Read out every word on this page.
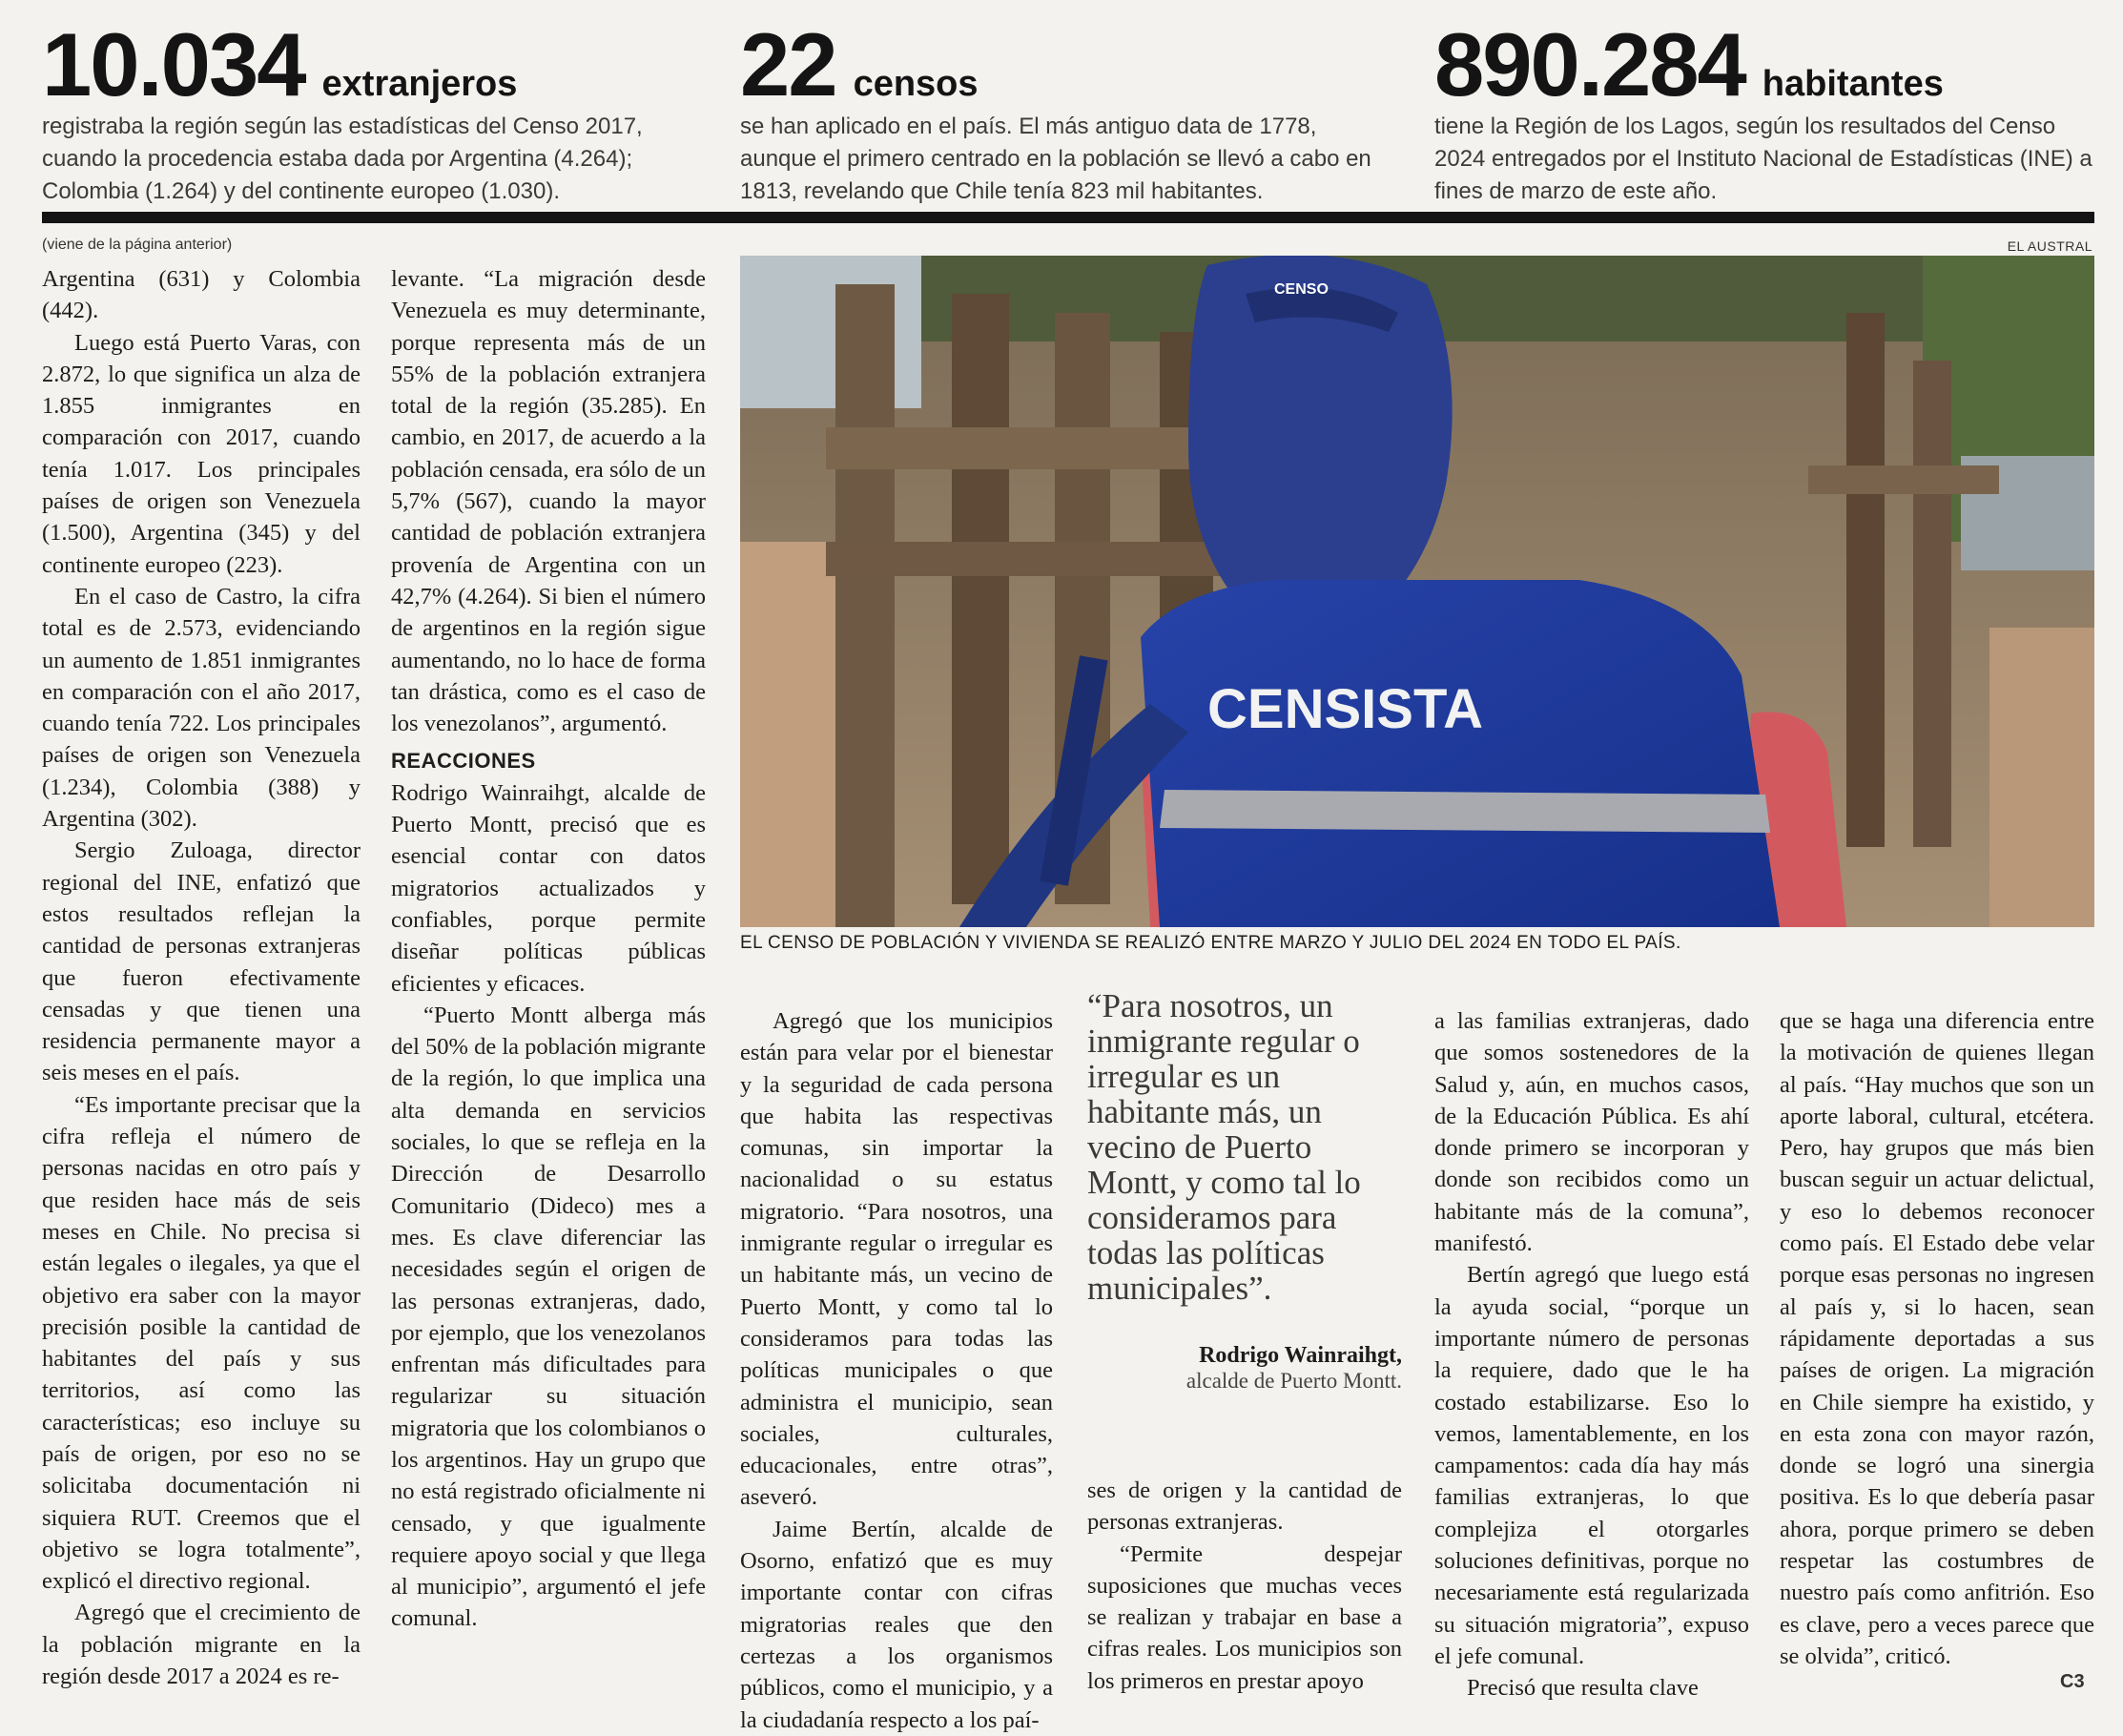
10.034 extranjeros
registraba la región según las estadísticas del Censo 2017, cuando la procedencia estaba dada por Argentina (4.264); Colombia (1.264) y del continente europeo (1.030).
22 censos
se han aplicado en el país. El más antiguo data de 1778, aunque el primero centrado en la población se llevó a cabo en 1813, revelando que Chile tenía 823 mil habitantes.
890.284 habitantes
tiene la Región de los Lagos, según los resultados del Censo 2024 entregados por el Instituto Nacional de Estadísticas (INE) a fines de marzo de este año.
(viene de la página anterior)	EL AUSTRAL

Argentina (631) y Colombia (442).

Luego está Puerto Varas, con 2.872, lo que significa un alza de 1.855 inmigrantes en comparación con 2017, cuando tenía 1.017. Los principales países de origen son Venezuela (1.500), Argentina (345) y del continente europeo (223).

En el caso de Castro, la cifra total es de 2.573, evidenciando un aumento de 1.851 inmigrantes en comparación con el año 2017, cuando tenía 722. Los principales países de origen son Venezuela (1.234), Colombia (388) y Argentina (302).

Sergio Zuloaga, director regional del INE, enfatizó que estos resultados reflejan la cantidad de personas extranjeras que fueron efectivamente censadas y que tienen una residencia permanente mayor a seis meses en el país.

“Es importante precisar que la cifra refleja el número de personas nacidas en otro país y que residen hace más de seis meses en Chile. No precisa si están legales o ilegales, ya que el objetivo era saber con la mayor precisión posible la cantidad de habitantes del país y sus territorios, así como las características; eso incluye su país de origen, por eso no se solicitaba documentación ni siquiera RUT. Creemos que el objetivo se logra totalmente”, explicó el directivo regional.

Agregó que el crecimiento de la población migrante en la región desde 2017 a 2024 es re-

levante. “La migración desde Venezuela es muy determinante, porque representa más de un 55% de la población extranjera total de la región (35.285). En cambio, en 2017, de acuerdo a la población censada, era sólo de un 5,7% (567), cuando la mayor cantidad de población extranjera provenía de Argentina con un 42,7% (4.264). Si bien el número de argentinos en la región sigue aumentando, no lo hace de forma tan drástica, como es el caso de los venezolanos”, argumentó.

REACCIONES

Rodrigo Wainraihgt, alcalde de Puerto Montt, precisó que es esencial contar con datos migratorios actualizados y confiables, porque permite diseñar políticas públicas eficientes y eficaces.

“Puerto Montt alberga más del 50% de la población migrante de la región, lo que implica una alta demanda en servicios sociales, lo que se refleja en la Dirección de Desarrollo Comunitario (Dideco) mes a mes. Es clave diferenciar las necesidades según el origen de las personas extranjeras, dado, por ejemplo, que los venezolanos enfrentan más dificultades para regularizar su situación migratoria que los colombianos o los argentinos. Hay un grupo que no está registrado oficialmente ni censado, y que igualmente requiere apoyo social y que llega al municipio”, argumentó el jefe comunal.

CENSO
CENSISTA
EL CENSO DE POBLACIÓN Y VIVIENDA SE REALIZÓ ENTRE MARZO Y JULIO DEL 2024 EN TODO EL PAÍS.

Agregó que los municipios están para velar por el bienestar y la seguridad de cada persona que habita las respectivas comunas, sin importar la nacionalidad o su estatus migratorio. “Para nosotros, una inmigrante regular o irregular es un habitante más, un vecino de Puerto Montt, y como tal lo consideramos para todas las políticas municipales o que administra el municipio, sean sociales, culturales, educacionales, entre otras”, aseveró.

Jaime Bertín, alcalde de Osorno, enfatizó que es muy importante contar con cifras migratorias reales que den certezas a los organismos públicos, como el municipio, y a la ciudadanía respecto a los paí-

“Para nosotros, un inmigrante regular o irregular es un habitante más, un vecino de Puerto Montt, y como tal lo consideramos para todas las políticas municipales”.
Rodrigo Wainraihgt,
alcalde de Puerto Montt.

ses de origen y la cantidad de personas extranjeras.

“Permite despejar suposiciones que muchas veces se realizan y trabajar en base a cifras reales. Los municipios son los primeros en prestar apoyo

a las familias extranjeras, dado que somos sostenedores de la Salud y, aún, en muchos casos, de la Educación Pública. Es ahí donde primero se incorporan y donde son recibidos como un habitante más de la comuna”, manifestó.

Bertín agregó que luego está la ayuda social, “porque un importante número de personas la requiere, dado que le ha costado estabilizarse. Eso lo vemos, lamentablemente, en los campamentos: cada día hay más familias extranjeras, lo que complejiza el otorgarles soluciones definitivas, porque no necesariamente está regularizada su situación migratoria”, expuso el jefe comunal.

Precisó que resulta clave

que se haga una diferencia entre la motivación de quienes llegan al país. “Hay muchos que son un aporte laboral, cultural, etcétera. Pero, hay grupos que más bien buscan seguir un actuar delictual, y eso lo debemos reconocer como país. El Estado debe velar porque esas personas no ingresen al país y, si lo hacen, sean rápidamente deportadas a sus países de origen. La migración en Chile siempre ha existido, y en esta zona con mayor razón, donde se logró una sinergia positiva. Es lo que debería pasar ahora, porque primero se deben respetar las costumbres de nuestro país como anfitrión. Eso es clave, pero a veces parece que se olvida”, criticó.

C3
